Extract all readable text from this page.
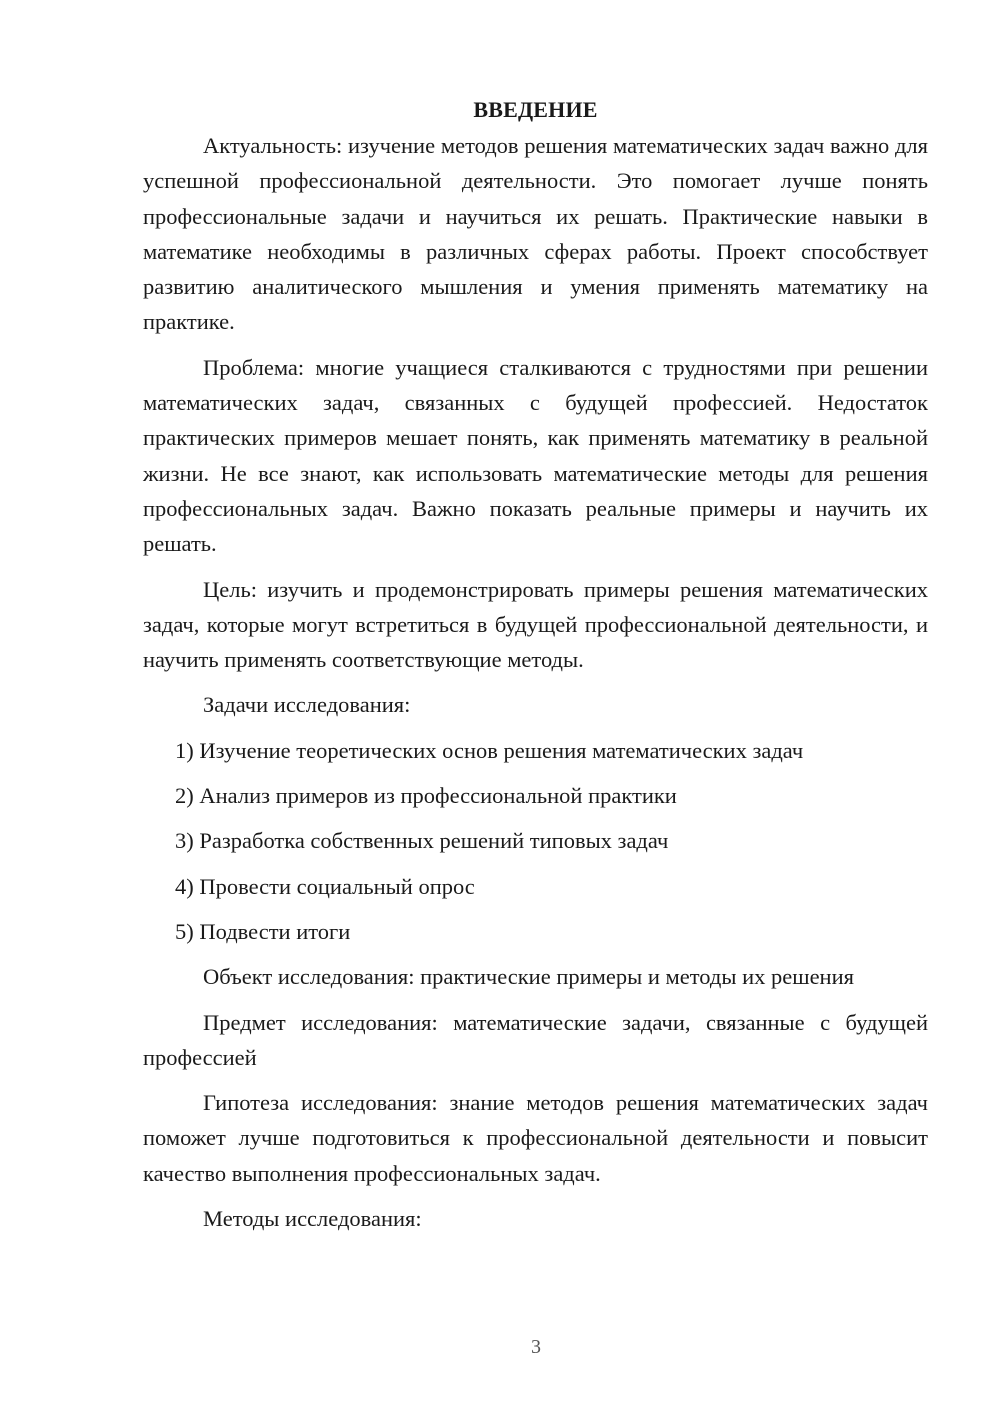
ВВЕДЕНИЕ

Актуальность: изучение методов решения математических задач важно для успешной профессиональной деятельности. Это помогает лучше понять профессиональные задачи и научиться их решать. Практические навыки в математике необходимы в различных сферах работы. Проект способствует развитию аналитического мышления и умения применять математику на практике.

Проблема: многие учащиеся сталкиваются с трудностями при решении математических задач, связанных с будущей профессией. Недостаток практических примеров мешает понять, как применять математику в реальной жизни. Не все знают, как использовать математические методы для решения профессиональных задач. Важно показать реальные примеры и научить их решать.

Цель: изучить и продемонстрировать примеры решения математических задач, которые могут встретиться в будущей профессиональной деятельности, и научить применять соответствующие методы.

Задачи исследования:

1) Изучение теоретических основ решения математических задач
2) Анализ примеров из профессиональной практики
3) Разработка собственных решений типовых задач
4) Провести социальный опрос
5) Подвести итоги

Объект исследования: практические примеры и методы их решения

Предмет исследования: математические задачи, связанные с будущей профессией

Гипотеза исследования: знание методов решения математических задач поможет лучше подготовиться к профессиональной деятельности и повысит качество выполнения профессиональных задач.

Методы исследования:

3
